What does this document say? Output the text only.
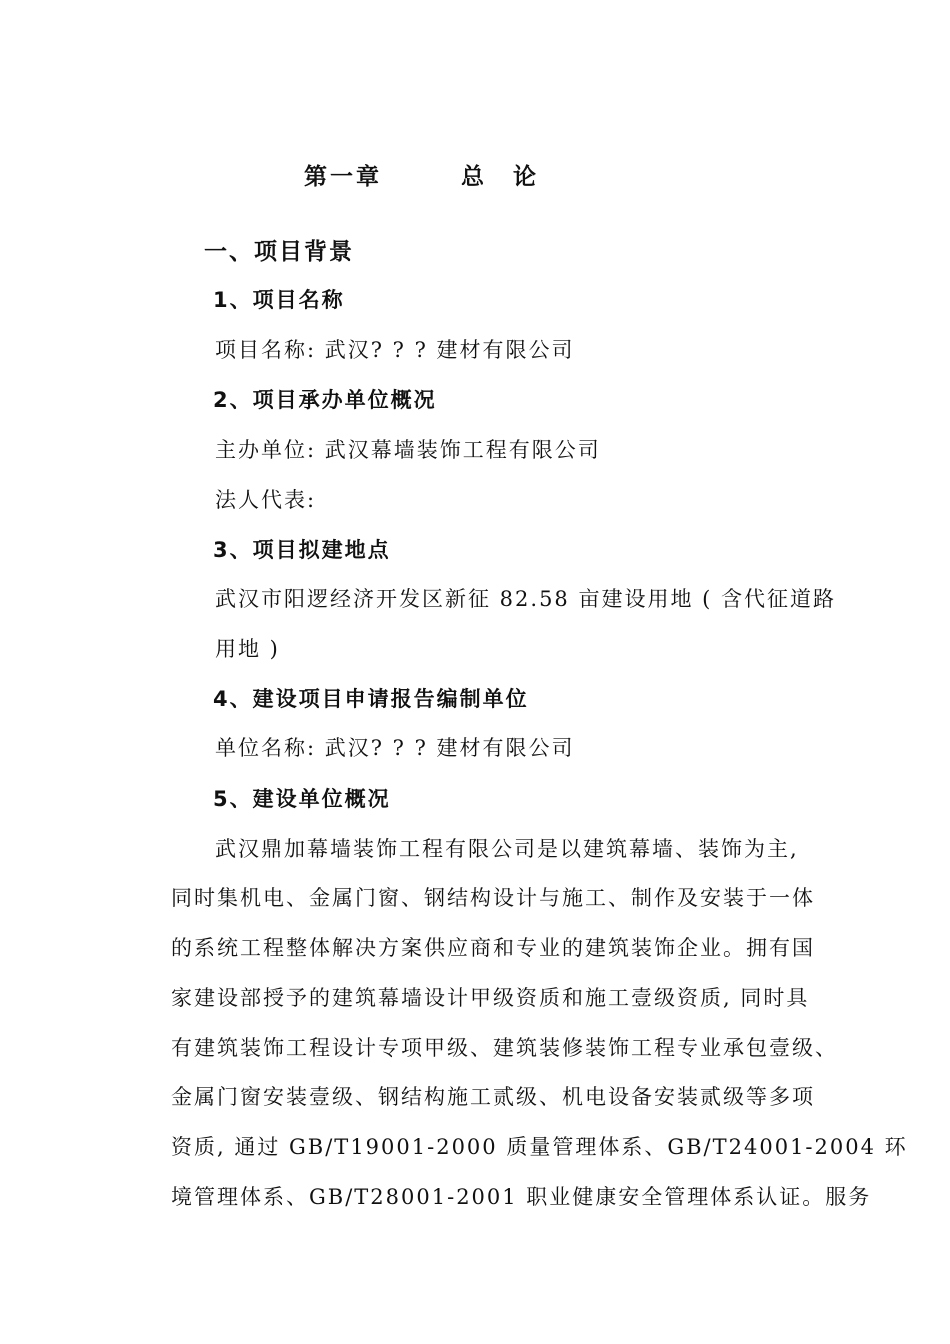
第一章	总　论
一、项目背景
1、项目名称
项目名称: 武汉? ? ? 建材有限公司
2、项目承办单位概况
主办单位: 武汉幕墙装饰工程有限公司
法人代表:
3、项目拟建地点
武汉市阳逻经济开发区新征 82.58 亩建设用地 ( 含代征道路
用地 )
4、建设项目申请报告编制单位
单位名称: 武汉? ? ? 建材有限公司
5、建设单位概况
武汉鼎加幕墙装饰工程有限公司是以建筑幕墙、装饰为主,
同时集机电、金属门窗、钢结构设计与施工、制作及安装于一体
的系统工程整体解决方案供应商和专业的建筑装饰企业。拥有国
家建设部授予的建筑幕墙设计甲级资质和施工壹级资质, 同时具
有建筑装饰工程设计专项甲级、建筑装修装饰工程专业承包壹级、
金属门窗安装壹级、钢结构施工贰级、机电设备安装贰级等多项
资质, 通过 GB/T19001-2000 质量管理体系、GB/T24001-2004 环
境管理体系、GB/T28001-2001 职业健康安全管理体系认证。服务
